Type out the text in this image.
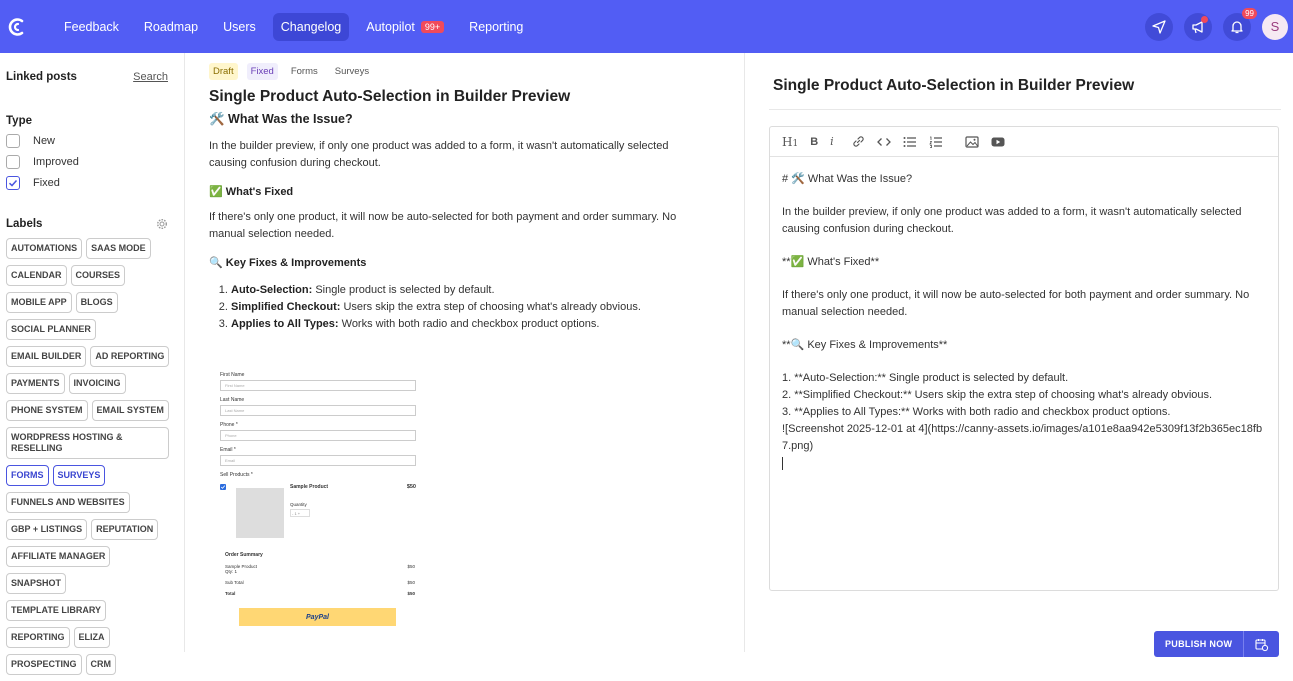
Feedback Roadmap Users Changelog Autopilot	99+	Reporting
99
S
Linked posts	Search
Type
New
Improved
Fixed
Labels
AUTOMATIONS	SAAS MODE
CALENDAR	COURSES
MOBILE APP	BLOGS
SOCIAL PLANNER
EMAIL BUILDER	AD REPORTING
PAYMENTS	INVOICING
PHONE SYSTEM	EMAIL SYSTEM
WORDPRESS HOSTING & RESELLING
FORMS	SURVEYS
FUNNELS AND WEBSITES
GBP + LISTINGS	REPUTATION
AFFILIATE MANAGER
SNAPSHOT
TEMPLATE LIBRARY
REPORTING	ELIZA
PROSPECTING	CRM
Draft	Fixed	Forms	Surveys
Single Product Auto-Selection in Builder Preview
🛠️ What Was the Issue?
In the builder preview, if only one product was added to a form, it wasn't automatically selected causing confusion during checkout.
✅ What's Fixed
If there's only one product, it will now be auto-selected for both payment and order summary. No manual selection needed.
🔍 Key Fixes & Improvements
1. Auto-Selection: Single product is selected by default.
2. Simplified Checkout: Users skip the extra step of choosing what's already obvious.
3. Applies to All Types: Works with both radio and checkbox product options.
First Name
First Name
Last Name
Last Name
Phone *
Phone
Email *
Email
Sell Products *
Sample Product
Quantity
- 1 +
$50
Order Summary
Sample Product
Qty: 1
$50
Sub Total	$50
Total	$50
PayPal
Single Product Auto-Selection in Builder Preview
H1 B i
# 🛠️ What Was the Issue?
In the builder preview, if only one product was added to a form, it wasn't automatically selected causing confusion during checkout.
**✅ What's Fixed**
If there's only one product, it will now be auto-selected for both payment and order summary. No manual selection needed.
**🔍 Key Fixes & Improvements**
1. **Auto-Selection:** Single product is selected by default.
2. **Simplified Checkout:** Users skip the extra step of choosing what's already obvious.
3. **Applies to All Types:** Works with both radio and checkbox product options.
![Screenshot 2025-12-01 at 4](https://canny-assets.io/images/a101e8aa942e5309f13f2b365ec18fb7.png)
PUBLISH NOW
